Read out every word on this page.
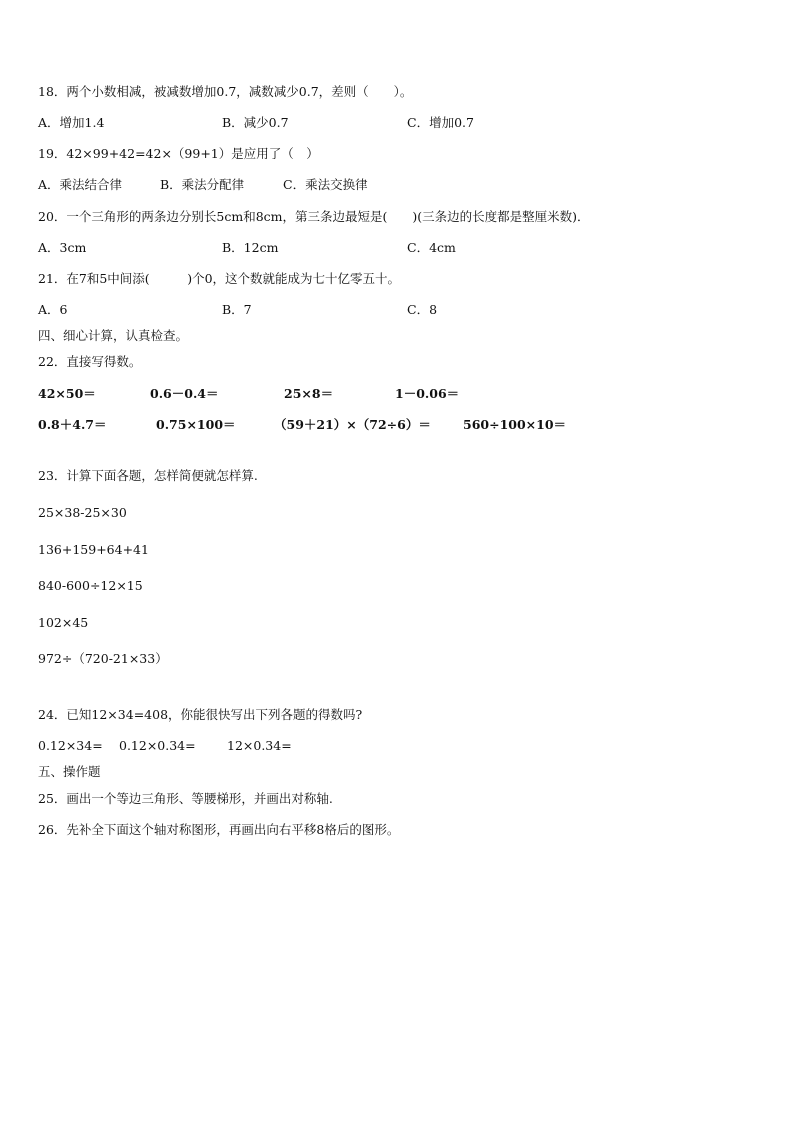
18．两个小数相减，被减数增加0.7，减数减少0.7，差则（　　）。
A．增加1.4	B．减少0.7	C．增加0.7
19．42×99+42=42×（99+1）是应用了（　）
A．乘法结合律	B．乘法分配律	C．乘法交换律
20．一个三角形的两条边分别长5cm和8cm，第三条边最短是(　　)(三条边的长度都是整厘米数)．
A．3cm	B．12cm	C．4cm
21．在7和5中间添(　　　)个0，这个数就能成为七十亿零五十。
A．6	B．7	C．8
四、细心计算，认真检查。
22．直接写得数。
42×50＝	0.6－0.4＝	25×8＝	1－0.06＝
0.8＋4.7＝	0.75×100＝	（59＋21）×（72÷6）＝	560÷100×10＝
23．计算下面各题，怎样简便就怎样算.
25×38-25×30
136+159+64+41
840-600÷12×15
102×45
972÷（720-21×33）
24．已知12×34=408，你能很快写出下列各题的得数吗?
0.12×34= 0.12×0.34=	12×0.34=
五、操作题
25．画出一个等边三角形、等腰梯形，并画出对称轴.
26．先补全下面这个轴对称图形，再画出向右平移8格后的图形。
